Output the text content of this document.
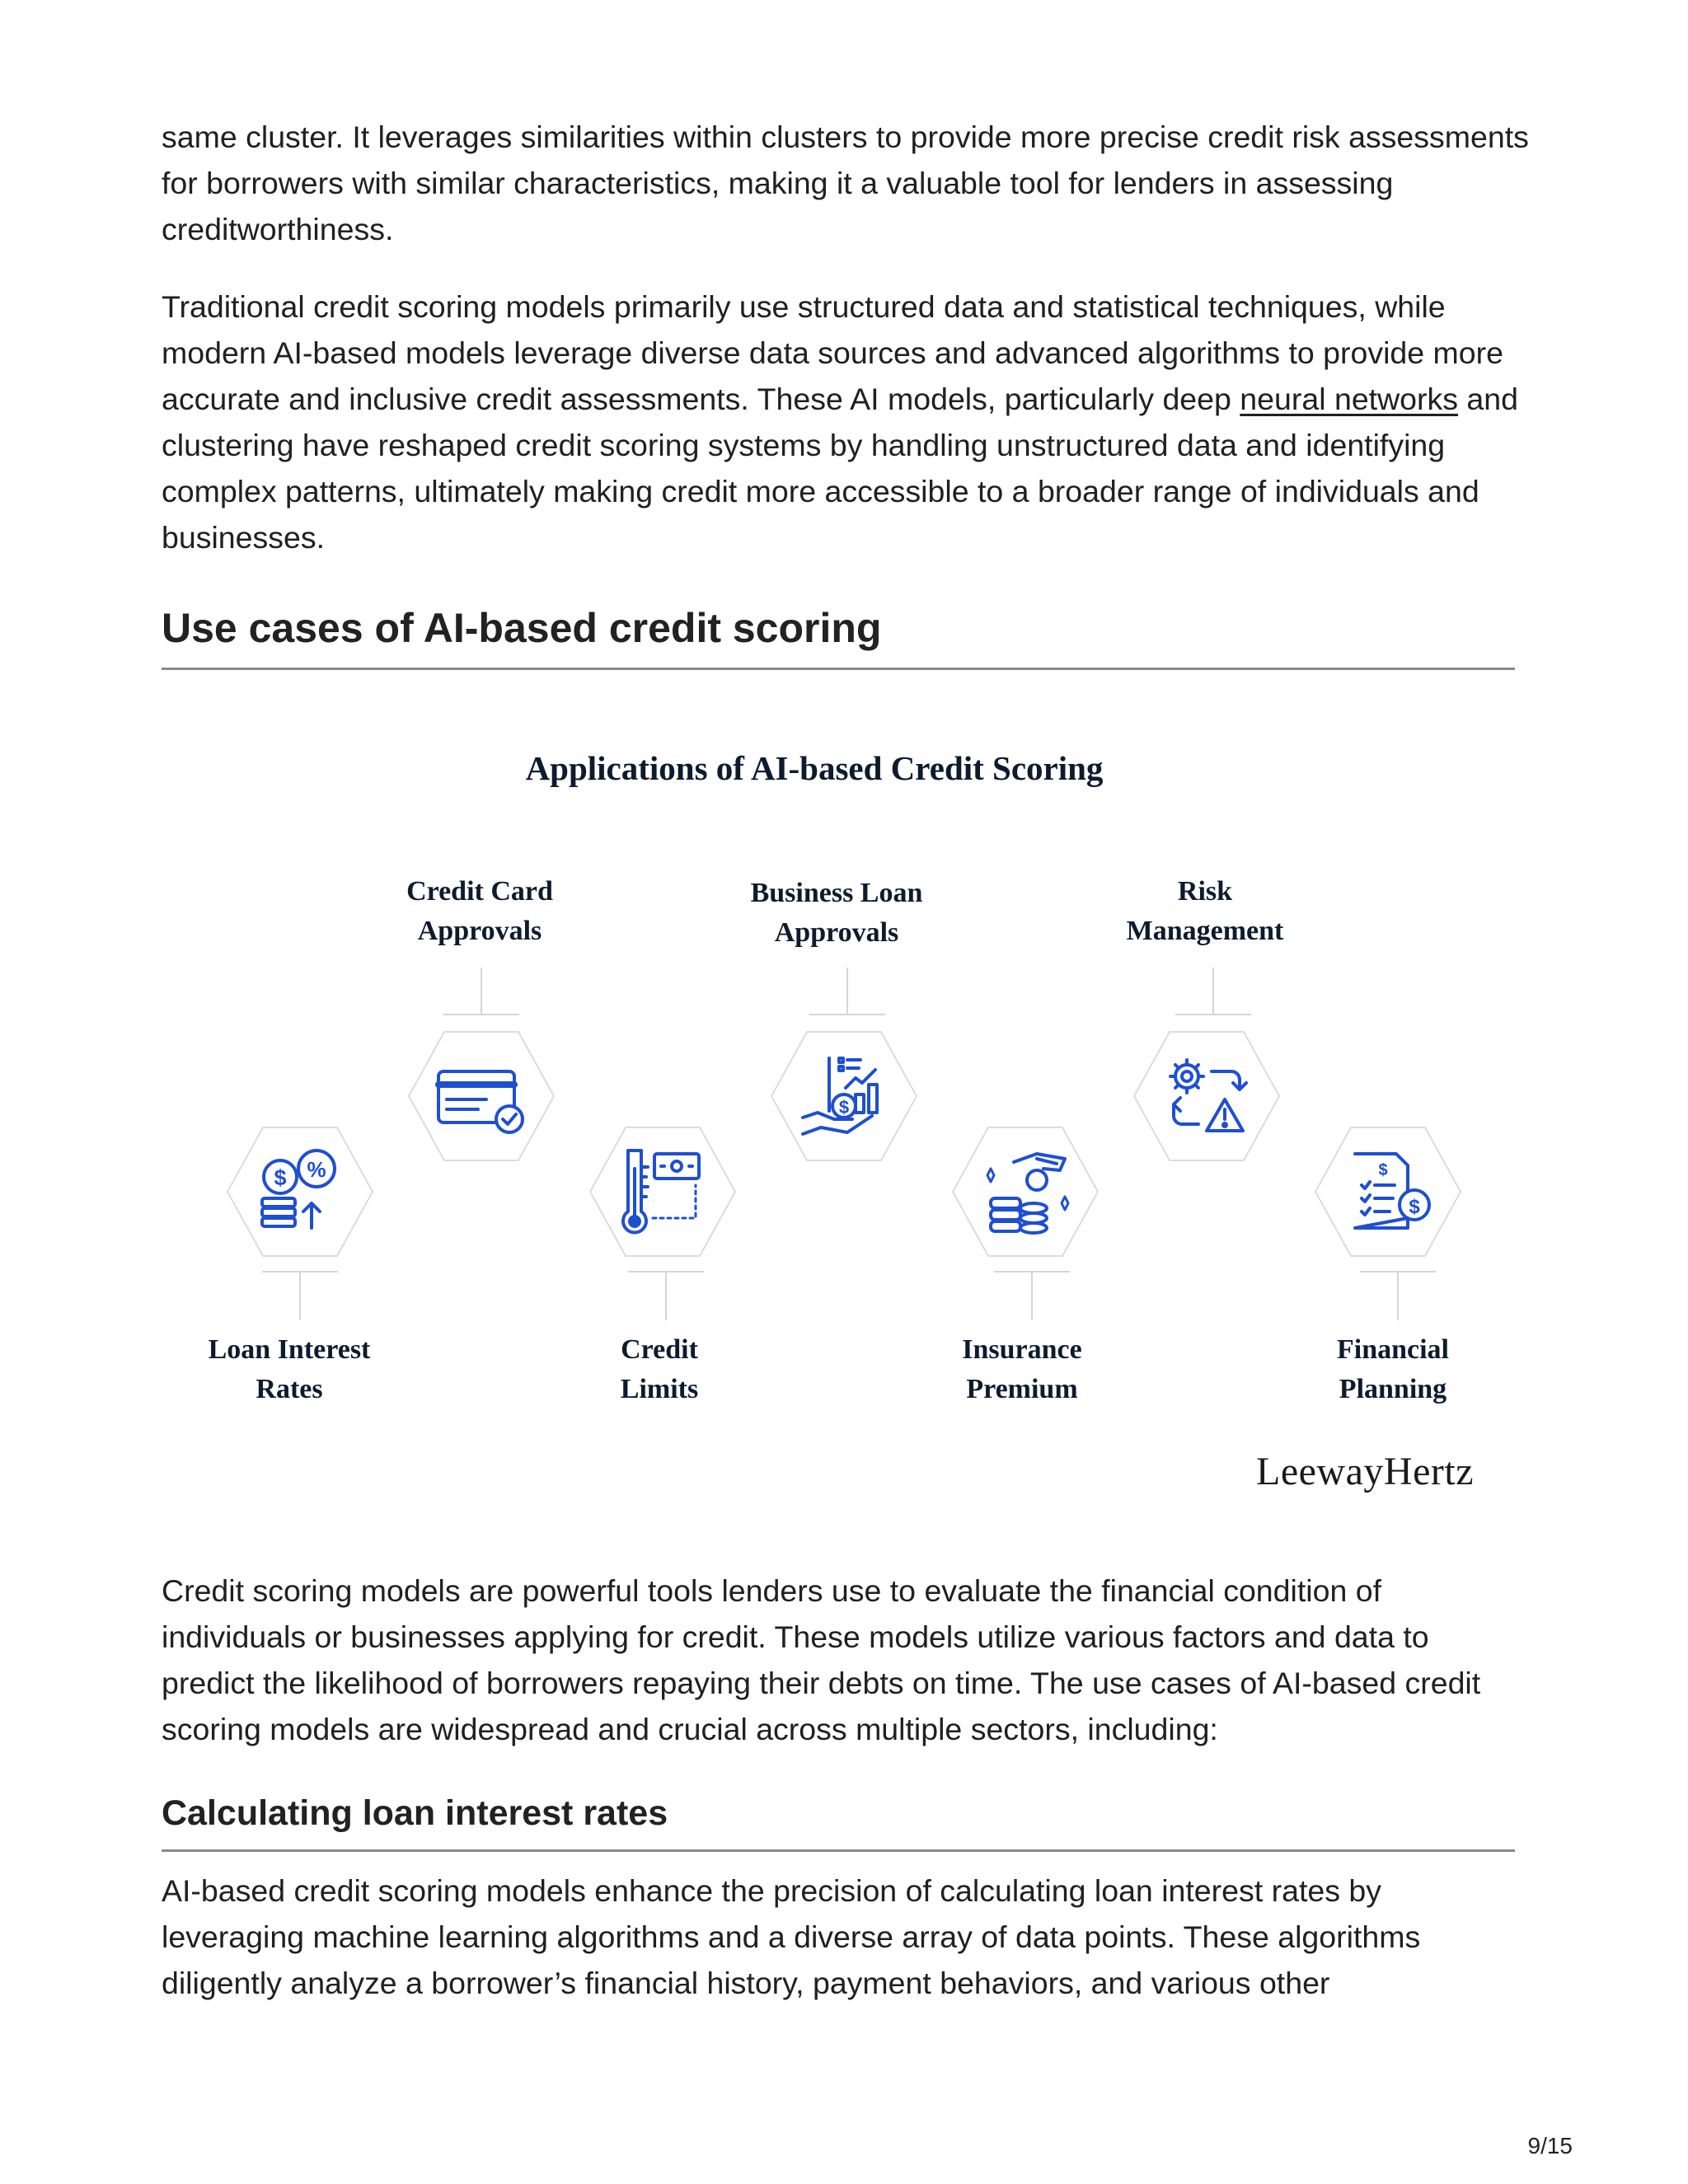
same cluster. It leverages similarities within clusters to provide more precise credit risk assessments for borrowers with similar characteristics, making it a valuable tool for lenders in assessing creditworthiness.

Traditional credit scoring models primarily use structured data and statistical techniques, while modern AI-based models leverage diverse data sources and advanced algorithms to provide more accurate and inclusive credit assessments. These AI models, particularly deep neural networks and clustering have reshaped credit scoring systems by handling unstructured data and identifying complex patterns, ultimately making credit more accessible to a broader range of individuals and businesses.

Use cases of AI-based credit scoring
Applications of AI-based Credit Scoring
$ %
$
$
$
Loan Interest
Rates
Credit Card
Approvals
Credit
Limits
Business Loan
Approvals
Insurance
Premium
Risk
Management
Financial
Planning
LeewayHertz

Credit scoring models are powerful tools lenders use to evaluate the financial condition of individuals or businesses applying for credit. These models utilize various factors and data to predict the likelihood of borrowers repaying their debts on time. The use cases of AI-based credit scoring models are widespread and crucial across multiple sectors, including:

Calculating loan interest rates

AI-based credit scoring models enhance the precision of calculating loan interest rates by leveraging machine learning algorithms and a diverse array of data points. These algorithms diligently analyze a borrower’s financial history, payment behaviors, and various other

9/15
